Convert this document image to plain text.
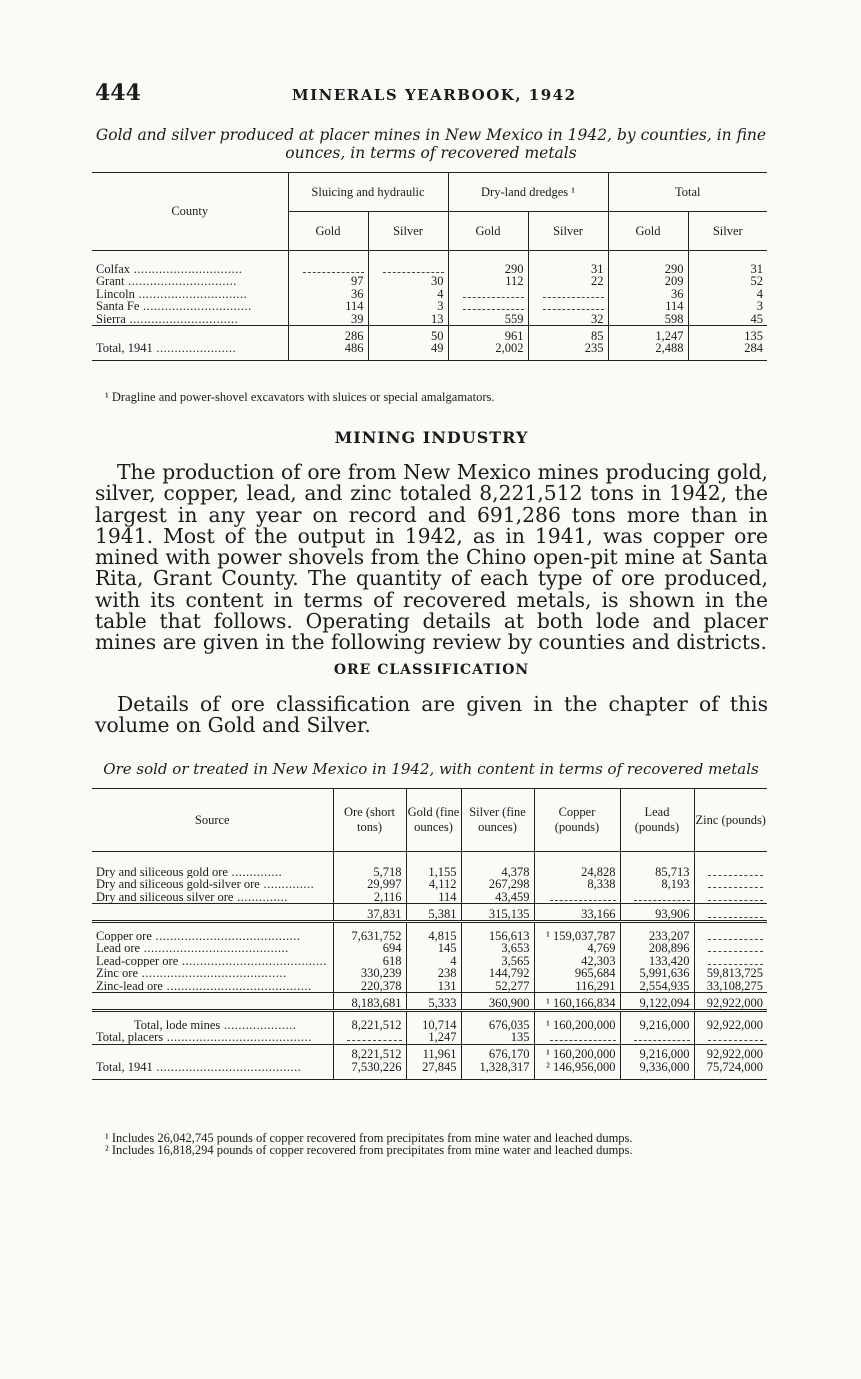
444	MINERALS YEARBOOK, 1942
Gold and silver produced at placer mines in New Mexico in 1942, by counties, in fine ounces, in terms of recovered metals
County	Sluicing and hydraulic		Dry-land dredges ¹		Total	
	Gold	Silver	Gold	Silver	Gold	Silver

Colfax ..............................			290	31	290	31
Grant ..............................	97	30	112	22	209	52
Lincoln ..............................	36	4			36	4
Santa Fe ..............................	114	3			114	3
Sierra ..............................	39	13	559	32	598	45

	286	50	961	85	1,247	135
Total, 1941 ......................	486	49	2,002	235	2,488	284

¹ Dragline and power-shovel excavators with sluices or special amalgamators.
MINING INDUSTRY
The production of ore from New Mexico mines producing gold, silver, copper, lead, and zinc totaled 8,221,512 tons in 1942, the largest in any year on record and 691,286 tons more than in 1941. Most of the output in 1942, as in 1941, was copper ore mined with power shovels from the Chino open-pit mine at Santa Rita, Grant County. The quantity of each type of ore produced, with its content in terms of recovered metals, is shown in the table that follows. Operating details at both lode and placer mines are given in the following review by counties and districts.
ORE CLASSIFICATION
Details of ore classification are given in the chapter of this volume on Gold and Silver.
Ore sold or treated in New Mexico in 1942, with content in terms of recovered metals
Source	Ore (short tons)	Gold (fine ounces)	Silver (fine ounces)	Copper (pounds)	Lead (pounds)	Zinc (pounds)

Dry and siliceous gold ore ..............	5,718	1,155	4,378	24,828	85,713	
Dry and siliceous gold-silver ore ..............	29,997	4,112	267,298	8,338	8,193	
Dry and siliceous silver ore ..............	2,116	114	43,459			

	37,831	5,381	315,135	33,166	93,906	

Copper ore ........................................	7,631,752	4,815	156,613	¹ 159,037,787	233,207	
Lead ore ........................................	694	145	3,653	4,769	208,896	
Lead-copper ore ........................................	618	4	3,565	42,303	133,420	
Zinc ore ........................................	330,239	238	144,792	965,684	5,991,636	59,813,725
Zinc-lead ore ........................................	220,378	131	52,277	116,291	2,554,935	33,108,275

	8,183,681	5,333	360,900	¹ 160,166,834	9,122,094	92,922,000

Total, lode mines ....................	8,221,512	10,714	676,035	¹ 160,200,000	9,216,000	92,922,000
Total, placers ........................................		1,247	135			

	8,221,512	11,961	676,170	¹ 160,200,000	9,216,000	92,922,000
Total, 1941 ........................................	7,530,226	27,845	1,328,317	² 146,956,000	9,336,000	75,724,000

¹ Includes 26,042,745 pounds of copper recovered from precipitates from mine water and leached dumps.
² Includes 16,818,294 pounds of copper recovered from precipitates from mine water and leached dumps.
